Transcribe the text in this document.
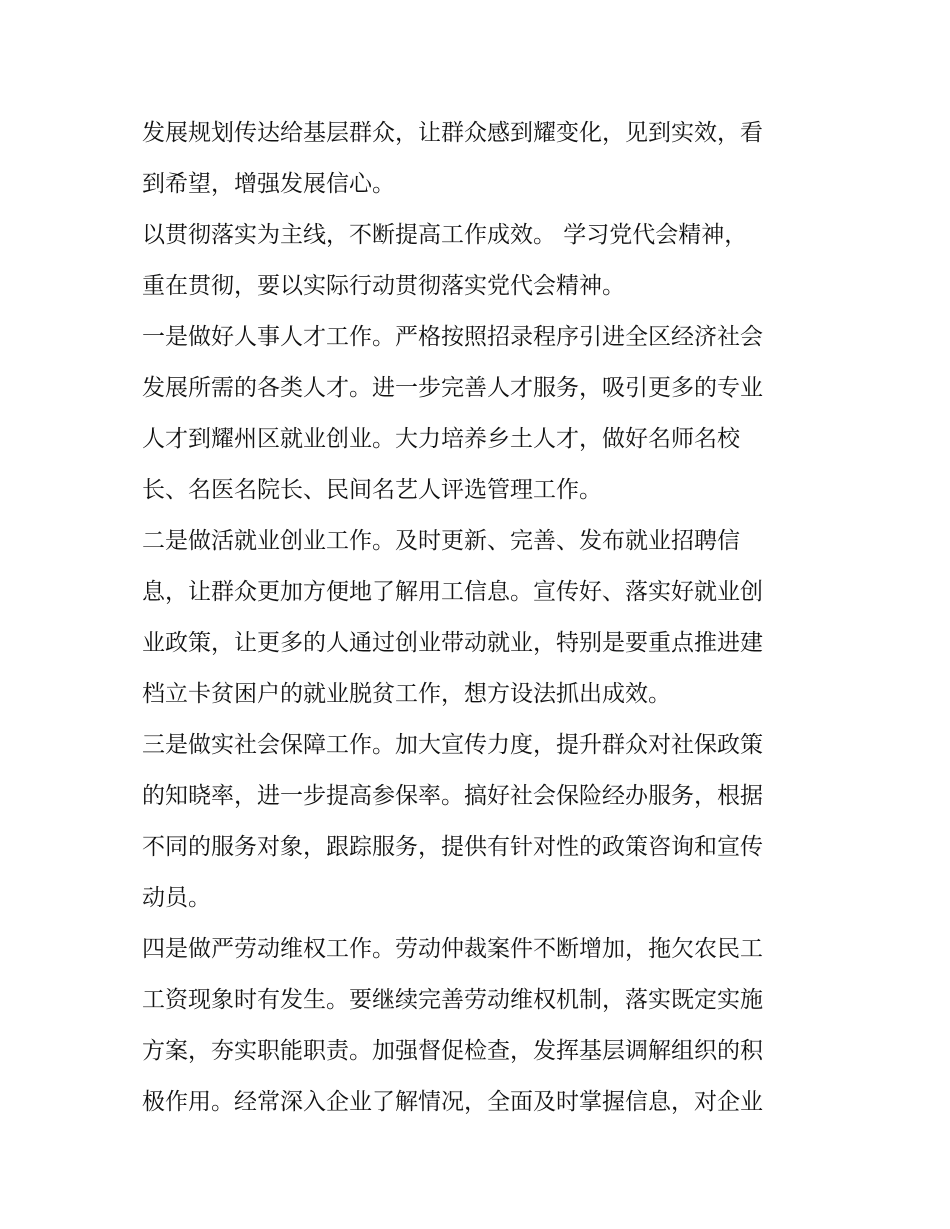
发展规划传达给基层群众，让群众感到耀变化，见到实效，看
到希望，增强发展信心。
以贯彻落实为主线，不断提高工作成效。 学习党代会精神，
重在贯彻，要以实际行动贯彻落实党代会精神。
一是做好人事人才工作。严格按照招录程序引进全区经济社会
发展所需的各类人才。进一步完善人才服务，吸引更多的专业
人才到耀州区就业创业。大力培养乡土人才，做好名师名校
长、名医名院长、民间名艺人评选管理工作。
二是做活就业创业工作。及时更新、完善、发布就业招聘信
息，让群众更加方便地了解用工信息。宣传好、落实好就业创
业政策，让更多的人通过创业带动就业，特别是要重点推进建
档立卡贫困户的就业脱贫工作，想方设法抓出成效。
三是做实社会保障工作。加大宣传力度，提升群众对社保政策
的知晓率，进一步提高参保率。搞好社会保险经办服务，根据
不同的服务对象，跟踪服务，提供有针对性的政策咨询和宣传
动员。
四是做严劳动维权工作。劳动仲裁案件不断增加，拖欠农民工
工资现象时有发生。要继续完善劳动维权机制，落实既定实施
方案，夯实职能职责。加强督促检查，发挥基层调解组织的积
极作用。经常深入企业了解情况，全面及时掌握信息，对企业
